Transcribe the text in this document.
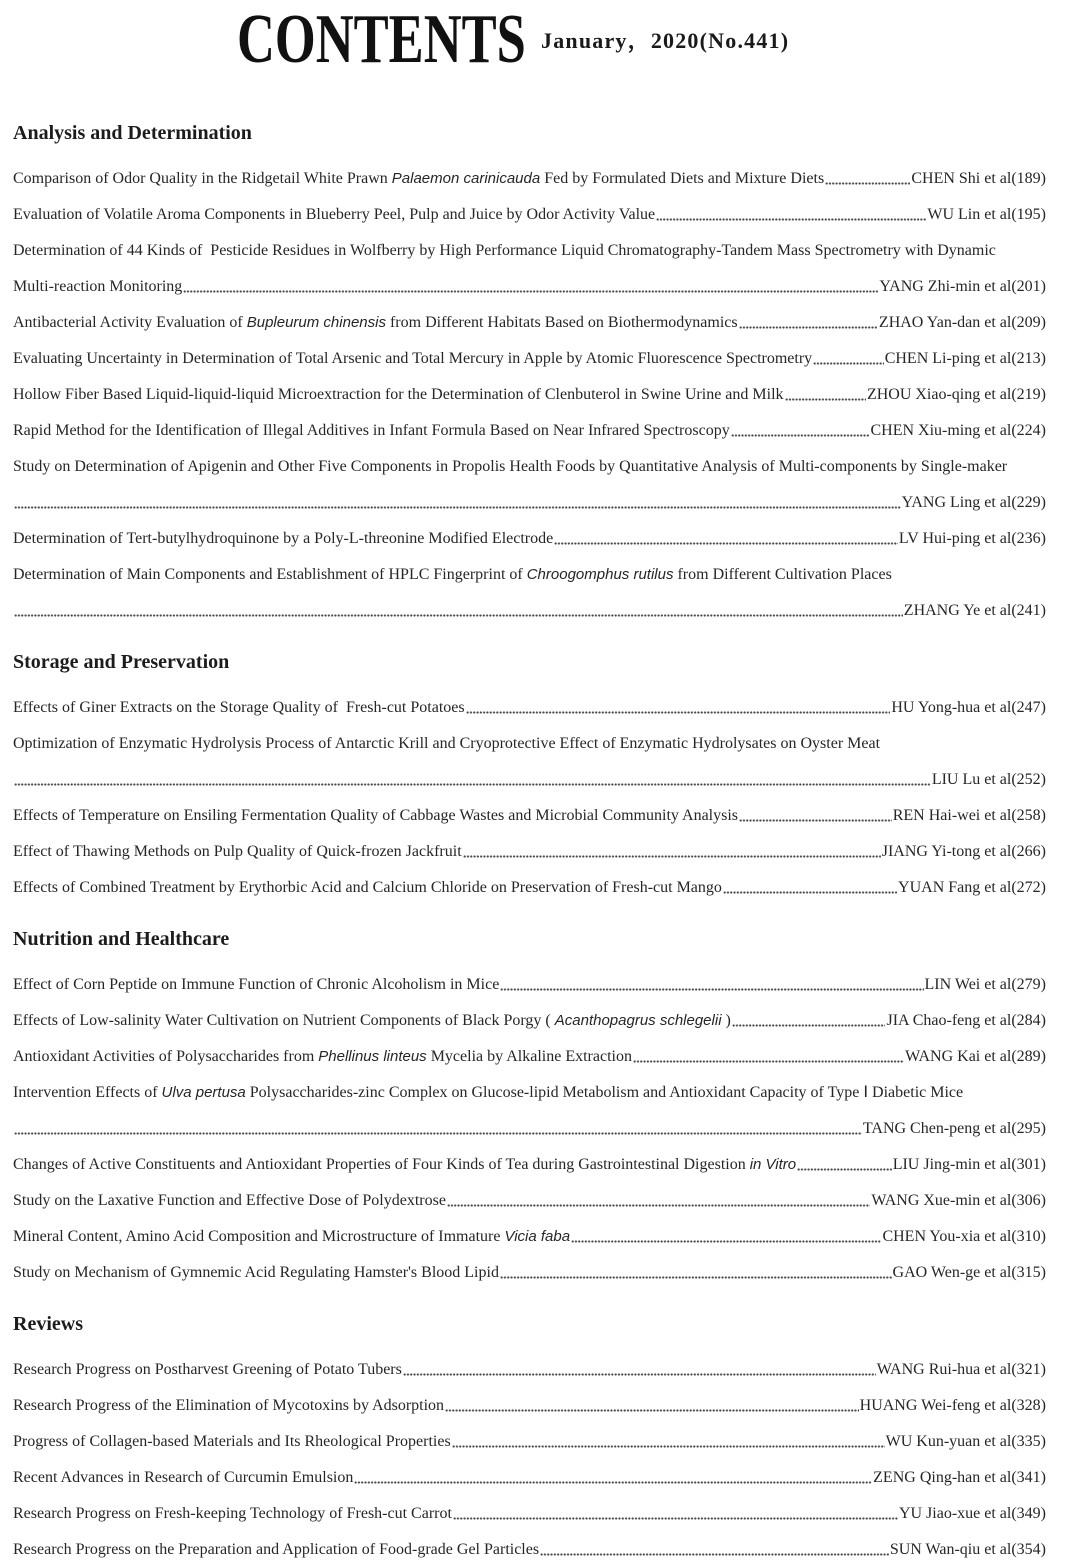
CONTENTS January，2020(No.441)
Analysis and Determination
Comparison of Odor Quality in the Ridgetail White Prawn Palaemon carinicauda Fed by Formulated Diets and Mixture Diets	CHEN Shi et al(189)
Evaluation of Volatile Aroma Components in Blueberry Peel, Pulp and Juice by Odor Activity Value	WU Lin et al(195)
Determination of 44 Kinds of  Pesticide Residues in Wolfberry by High Performance Liquid Chromatography-Tandem Mass Spectrometry with Dynamic
Multi-reaction Monitoring	YANG Zhi-min et al(201)
Antibacterial Activity Evaluation of Bupleurum chinensis from Different Habitats Based on Biothermodynamics	ZHAO Yan-dan et al(209)
Evaluating Uncertainty in Determination of Total Arsenic and Total Mercury in Apple by Atomic Fluorescence Spectrometry	CHEN Li-ping et al(213)
Hollow Fiber Based Liquid-liquid-liquid Microextraction for the Determination of Clenbuterol in Swine Urine and Milk	ZHOU Xiao-qing et al(219)
Rapid Method for the Identification of Illegal Additives in Infant Formula Based on Near Infrared Spectroscopy	CHEN Xiu-ming et al(224)
Study on Determination of Apigenin and Other Five Components in Propolis Health Foods by Quantitative Analysis of Multi-components by Single-maker
YANG Ling et al(229)
Determination of Tert-butylhydroquinone by a Poly-L-threonine Modified Electrode	LV Hui-ping et al(236)
Determination of Main Components and Establishment of HPLC Fingerprint of Chroogomphus rutilus from Different Cultivation Places
ZHANG Ye et al(241)
Storage and Preservation
Effects of Giner Extracts on the Storage Quality of  Fresh-cut Potatoes	HU Yong-hua et al(247)
Optimization of Enzymatic Hydrolysis Process of Antarctic Krill and Cryoprotective Effect of Enzymatic Hydrolysates on Oyster Meat
LIU Lu et al(252)
Effects of Temperature on Ensiling Fermentation Quality of Cabbage Wastes and Microbial Community Analysis	REN Hai-wei et al(258)
Effect of Thawing Methods on Pulp Quality of Quick-frozen Jackfruit	JIANG Yi-tong et al(266)
Effects of Combined Treatment by Erythorbic Acid and Calcium Chloride on Preservation of Fresh-cut Mango	YUAN Fang et al(272)
Nutrition and Healthcare
Effect of Corn Peptide on Immune Function of Chronic Alcoholism in Mice	LIN Wei et al(279)
Effects of Low-salinity Water Cultivation on Nutrient Components of Black Porgy ( Acanthopagrus schlegelii )	JIA Chao-feng et al(284)
Antioxidant Activities of Polysaccharides from Phellinus linteus Mycelia by Alkaline Extraction	WANG Kai et al(289)
Intervention Effects of Ulva pertusa Polysaccharides-zinc Complex on Glucose-lipid Metabolism and Antioxidant Capacity of Type Ⅰ Diabetic Mice
TANG Chen-peng et al(295)
Changes of Active Constituents and Antioxidant Properties of Four Kinds of Tea during Gastrointestinal Digestion in Vitro	LIU Jing-min et al(301)
Study on the Laxative Function and Effective Dose of Polydextrose	WANG Xue-min et al(306)
Mineral Content, Amino Acid Composition and Microstructure of Immature Vicia faba	CHEN You-xia et al(310)
Study on Mechanism of Gymnemic Acid Regulating Hamster's Blood Lipid	GAO Wen-ge et al(315)
Reviews
Research Progress on Postharvest Greening of Potato Tubers	WANG Rui-hua et al(321)
Research Progress of the Elimination of Mycotoxins by Adsorption	HUANG Wei-feng et al(328)
Progress of Collagen-based Materials and Its Rheological Properties	WU Kun-yuan et al(335)
Recent Advances in Research of Curcumin Emulsion	ZENG Qing-han et al(341)
Research Progress on Fresh-keeping Technology of Fresh-cut Carrot	YU Jiao-xue et al(349)
Research Progress on the Preparation and Application of Food-grade Gel Particles	SUN Wan-qiu et al(354)
